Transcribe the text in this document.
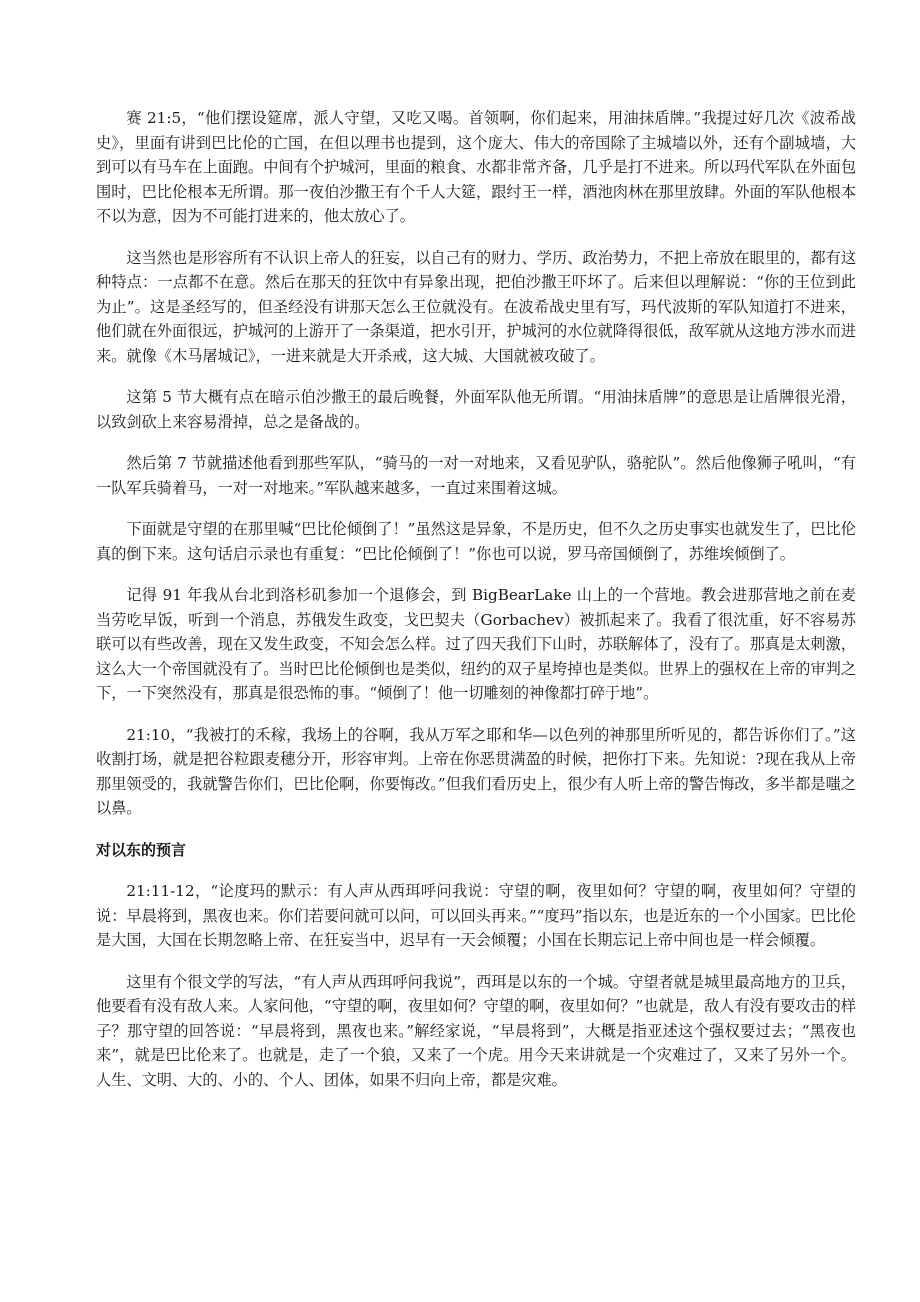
赛 21:5，“他们摆设筵席，派人守望，又吃又喝。首领啊，你们起来，用油抹盾牌。”我提过好几次《波希战史》，里面有讲到巴比伦的亡国，在但以理书也提到，这个庞大、伟大的帝国除了主城墙以外，还有个副城墙，大到可以有马车在上面跑。中间有个护城河，里面的粮食、水都非常齐备，几乎是打不进来。所以玛代军队在外面包围时，巴比伦根本无所谓。那一夜伯沙撒王有个千人大筵，跟纣王一样，酒池肉林在那里放肆。外面的军队他根本不以为意，因为不可能打进来的，他太放心了。

这当然也是形容所有不认识上帝人的狂妄，以自己有的财力、学历、政治势力，不把上帝放在眼里的，都有这种特点：一点都不在意。然后在那天的狂饮中有异象出现，把伯沙撒王吓坏了。后来但以理解说：“你的王位到此为止”。这是圣经写的，但圣经没有讲那天怎么王位就没有。在波希战史里有写，玛代波斯的军队知道打不进来，他们就在外面很远，护城河的上游开了一条渠道，把水引开，护城河的水位就降得很低，敌军就从这地方涉水而进来。就像《木马屠城记》，一进来就是大开杀戒，这大城、大国就被攻破了。

这第 5 节大概有点在暗示伯沙撒王的最后晚餐，外面军队他无所谓。“用油抹盾牌”的意思是让盾牌很光滑，以致剑砍上来容易滑掉，总之是备战的。

然后第 7 节就描述他看到那些军队，“骑马的一对一对地来，又看见驴队，骆驼队”。然后他像狮子吼叫，“有一队军兵骑着马，一对一对地来。”军队越来越多，一直过来围着这城。

下面就是守望的在那里喊“巴比伦倾倒了！”虽然这是异象，不是历史，但不久之历史事实也就发生了，巴比伦真的倒下来。这句话启示录也有重复：“巴比伦倾倒了！”你也可以说，罗马帝国倾倒了，苏维埃倾倒了。

记得 91 年我从台北到洛杉矶参加一个退修会，到 BigBearLake 山上的一个营地。教会进那营地之前在麦当劳吃早饭，听到一个消息，苏俄发生政变，戈巴契夫（Gorbachev）被抓起来了。我看了很沈重，好不容易苏联可以有些改善，现在又发生政变，不知会怎么样。过了四天我们下山时，苏联解体了，没有了。那真是太刺激，这么大一个帝国就没有了。当时巴比伦倾倒也是类似，纽约的双子星垮掉也是类似。世界上的强权在上帝的审判之下，一下突然没有，那真是很恐怖的事。“倾倒了！他一切雕刻的神像都打碎于地”。

21:10，“我被打的禾稼，我场上的谷啊，我从万军之耶和华—以色列的神那里所听见的，都告诉你们了。”这收割打场，就是把谷粒跟麦穗分开，形容审判。上帝在你恶贯满盈的时候，把你打下来。先知说：?现在我从上帝那里领受的，我就警告你们，巴比伦啊，你要悔改。”但我们看历史上，很少有人听上帝的警告悔改，多半都是嗤之以鼻。

对以东的预言

21:11-12，“论度玛的默示：有人声从西珥呼问我说：守望的啊，夜里如何？守望的啊，夜里如何？守望的说：早晨将到，黑夜也来。你们若要问就可以问，可以回头再来。”“度玛”指以东，也是近东的一个小国家。巴比伦是大国，大国在长期忽略上帝、在狂妄当中，迟早有一天会倾覆；小国在长期忘记上帝中间也是一样会倾覆。

这里有个很文学的写法，“有人声从西珥呼问我说”，西珥是以东的一个城。守望者就是城里最高地方的卫兵，他要看有没有敌人来。人家问他，“守望的啊，夜里如何？守望的啊，夜里如何？”也就是，敌人有没有要攻击的样子？那守望的回答说：“早晨将到，黑夜也来。”解经家说，“早晨将到”，大概是指亚述这个强权要过去；“黑夜也来”，就是巴比伦来了。也就是，走了一个狼，又来了一个虎。用今天来讲就是一个灾难过了，又来了另外一个。人生、文明、大的、小的、个人、团体，如果不归向上帝，都是灾难。
